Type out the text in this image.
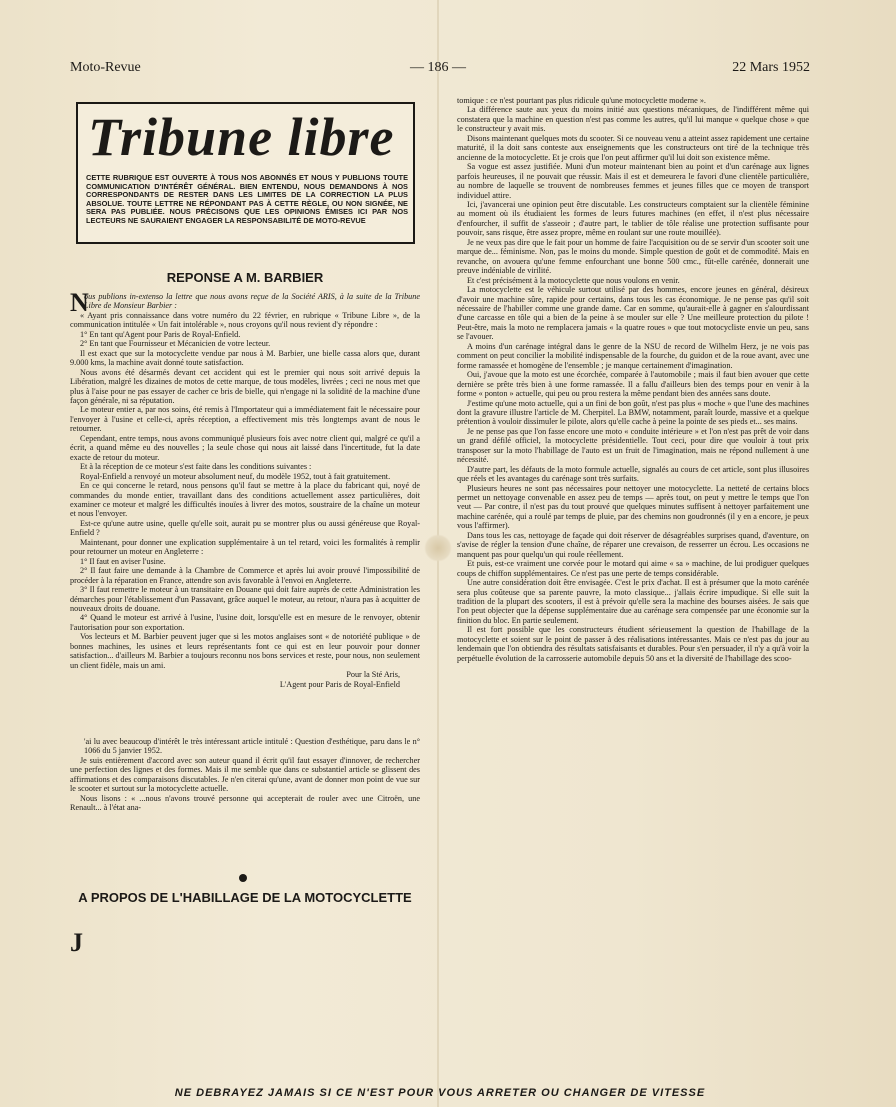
Moto-Revue	— 186 —	22 Mars 1952
Tribune libre

CETTE RUBRIQUE EST OUVERTE À TOUS NOS ABONNÉS ET NOUS Y PUBLIONS TOUTE COMMUNICATION D'INTÉRÊT GÉNÉRAL. BIEN ENTENDU, NOUS DEMANDONS À NOS CORRESPONDANTS DE RESTER DANS LES LIMITES DE LA CORRECTION LA PLUS ABSOLUE. TOUTE LETTRE NE RÉPONDANT PAS À CETTE RÈGLE, OU NON SIGNÉE, NE SERA PAS PUBLIÉE. NOUS PRÉCISONS QUE LES OPINIONS ÉMISES ICI PAR NOS LECTEURS NE SAURAIENT ENGAGER LA RESPONSABILITÉ DE MOTO-REVUE

REPONSE A M. BARBIER

ous publions in-extenso la lettre que nous avons reçue de la Société ARIS, à la suite de la Tribune Libre de Monsieur Barbier :

« Ayant pris connaissance dans votre numéro du 22 février, en rubrique « Tribune Libre », de la communication intitulée « Un fait intolérable », nous croyons qu'il nous revient d'y répondre :

1° En tant qu'Agent pour Paris de Royal-Enfield.

2° En tant que Fournisseur et Mécanicien de votre lecteur.

Il est exact que sur la motocyclette vendue par nous à M. Barbier, une bielle cassa alors que, durant 9.000 kms, la machine avait donné toute satisfaction.

Nous avons été désarmés devant cet accident qui est le premier qui nous soit arrivé depuis la Libération, malgré les dizaines de motos de cette marque, de tous modèles, livrées ; ceci ne nous met que plus à l'aise pour ne pas essayer de cacher ce bris de bielle, qui n'engage ni la solidité de la machine d'une façon générale, ni sa réputation.

Le moteur entier a, par nos soins, été remis à l'Importateur qui a immédiatement fait le nécessaire pour l'envoyer à l'usine et celle-ci, après réception, a effectivement mis très longtemps avant de nous le retourner.

Cependant, entre temps, nous avons communiqué plusieurs fois avec notre client qui, malgré ce qu'il a écrit, a quand même eu des nouvelles ; la seule chose qui nous ait laissé dans l'incertitude, fut la date exacte de retour du moteur.

Et à la réception de ce moteur s'est faite dans les conditions suivantes :

Royal-Enfield a renvoyé un moteur absolument neuf, du modèle 1952, tout à fait gratuitement.

En ce qui concerne le retard, nous pensons qu'il faut se mettre à la place du fabricant qui, noyé de commandes du monde entier, travaillant dans des conditions actuellement assez particulières, doit examiner ce moteur et malgré les difficultés inouïes à livrer des motos, soustraire de la chaîne un moteur et nous l'envoyer.

Est-ce qu'une autre usine, quelle qu'elle soit, aurait pu se montrer plus ou aussi généreuse que Royal-Enfield ?

Maintenant, pour donner une explication supplémentaire à un tel retard, voici les formalités à remplir pour retourner un moteur en Angleterre :

1° Il faut en aviser l'usine.

2° Il faut faire une demande à la Chambre de Commerce et après lui avoir prouvé l'impossibilité de procéder à la réparation en France, attendre son avis favorable à l'envoi en Angleterre.

3° Il faut remettre le moteur à un transitaire en Douane qui doit faire auprès de cette Administration les démarches pour l'établissement d'un Passavant, grâce auquel le moteur, au retour, n'aura pas à acquitter de nouveaux droits de douane.

4° Quand le moteur est arrivé à l'usine, l'usine doit, lorsqu'elle est en mesure de le renvoyer, obtenir l'autorisation pour son exportation.

Vos lecteurs et M. Barbier peuvent juger que si les motos anglaises sont « de notoriété publique » de bonnes machines, les usines et leurs représentants font ce qui est en leur pouvoir pour donner satisfaction... d'ailleurs M. Barbier a toujours reconnu nos bons services et reste, pour nous, non seulement un client fidèle, mais un ami.

Pour la Sté Aris,

L'Agent pour Paris de Royal-Enfield

'ai lu avec beaucoup d'intérêt le très intéressant article intitulé : Question d'esthétique, paru dans le n° 1066 du 5 janvier 1952.

Je suis entièrement d'accord avec son auteur quand il écrit qu'il faut essayer d'innover, de rechercher une perfection des lignes et des formes. Mais il me semble que dans ce substantiel article se glissent des affirmations et des comparaisons discutables. Je n'en citerai qu'une, avant de donner mon point de vue sur le scooter et surtout sur la motocyclette actuelle.

Nous lisons : « ...nous n'avons trouvé personne qui accepterait de rouler avec une Citroën, une Renault... à l'état ana-

N
A PROPOS DE L'HABILLAGE DE LA MOTOCYCLETTE
J

tomique : ce n'est pourtant pas plus ridicule qu'une motocyclette moderne ».

La différence saute aux yeux du moins initié aux questions mécaniques, de l'indifférent même qui constatera que la machine en question n'est pas comme les autres, qu'il lui manque « quelque chose » que le constructeur y avait mis.

Disons maintenant quelques mots du scooter. Si ce nouveau venu a atteint assez rapidement une certaine maturité, il la doit sans conteste aux enseignements que les constructeurs ont tiré de la technique très ancienne de la motocyclette. Et je crois que l'on peut affirmer qu'il lui doit son existence même.

Sa vogue est assez justifiée. Muni d'un moteur maintenant bien au point et d'un carénage aux lignes parfois heureuses, il ne pouvait que réussir. Mais il est et demeurera le favori d'une clientèle particulière, au nombre de laquelle se trouvent de nombreuses femmes et jeunes filles que ce moyen de transport individuel attire.

Ici, j'avancerai une opinion peut être discutable. Les constructeurs comptaient sur la clientèle féminine au moment où ils étudiaient les formes de leurs futures machines (en effet, il n'est plus nécessaire d'enfourcher, il suffit de s'asseoir ; d'autre part, le tablier de tôle réalise une protection suffisante pour pouvoir, sans risque, être assez propre, même en roulant sur une route mouillée).

Je ne veux pas dire que le fait pour un homme de faire l'acquisition ou de se servir d'un scooter soit une marque de... féminisme. Non, pas le moins du monde. Simple question de goût et de commodité. Mais en revanche, on avouera qu'une femme enfourchant une bonne 500 cmc., fût-elle carénée, donnerait une preuve indéniable de virilité.

Et c'est précisément à la motocyclette que nous voulons en venir.

La motocyclette est le véhicule surtout utilisé par des hommes, encore jeunes en général, désireux d'avoir une machine sûre, rapide pour certains, dans tous les cas économique. Je ne pense pas qu'il soit nécessaire de l'habiller comme une grande dame. Car en somme, qu'aurait-elle à gagner en s'alourdissant d'une carcasse en tôle qui a bien de la peine à se mouler sur elle ? Une meilleure protection du pilote ! Peut-être, mais la moto ne remplacera jamais « la quatre roues » que tout motocycliste envie un peu, sans se l'avouer.

A moins d'un carénage intégral dans le genre de la NSU de record de Wilhelm Herz, je ne vois pas comment on peut concilier la mobilité indispensable de la fourche, du guidon et de la roue avant, avec une forme ramassée et homogène de l'ensemble ; je manque certainement d'imagination.

Oui, j'avoue que la moto est une écorchée, comparée à l'automobile ; mais il faut bien avouer que cette dernière se prête très bien à une forme ramassée. Il a fallu d'ailleurs bien des temps pour en venir à la forme « ponton » actuelle, qui peu ou prou restera la même pendant bien des années sans doute.

J'estime qu'une moto actuelle, qui a un fini de bon goût, n'est pas plus « moche » que l'une des machines dont la gravure illustre l'article de M. Cherpitel. La BMW, notamment, paraît lourde, massive et a quelque prétention à vouloir dissimuler le pilote, alors qu'elle cache à peine la pointe de ses pieds et... ses mains.

Je ne pense pas que l'on fasse encore une moto « conduite intérieure » et l'on n'est pas prêt de voir dans un grand défilé officiel, la motocyclette présidentielle. Tout ceci, pour dire que vouloir à tout prix transposer sur la moto l'habillage de l'auto est un fruit de l'imagination, mais ne répond nullement à une nécessité.

D'autre part, les défauts de la moto formule actuelle, signalés au cours de cet article, sont plus illusoires que réels et les avantages du carénage sont très surfaits.

Plusieurs heures ne sont pas nécessaires pour nettoyer une motocyclette. La netteté de certains blocs permet un nettoyage convenable en assez peu de temps — après tout, on peut y mettre le temps que l'on veut — Par contre, il n'est pas du tout prouvé que quelques minutes suffisent à nettoyer parfaitement une machine carénée, qui a roulé par temps de pluie, par des chemins non goudronnés (il y en a encore, je peux vous l'affirmer).

Dans tous les cas, nettoyage de façade qui doit réserver de désagréables surprises quand, d'aventure, on s'avise de régler la tension d'une chaîne, de réparer une crevaison, de resserrer un écrou. Les occasions ne manquent pas pour quelqu'un qui roule réellement.

Et puis, est-ce vraiment une corvée pour le motard qui aime « sa » machine, de lui prodiguer quelques coups de chiffon supplémentaires. Ce n'est pas une perte de temps considérable.

Une autre considération doit être envisagée. C'est le prix d'achat. Il est à présumer que la moto carénée sera plus coûteuse que sa parente pauvre, la moto classique... j'allais écrire impudique. Si elle suit la tradition de la plupart des scooters, il est à prévoir qu'elle sera la machine des bourses aisées. Je sais que l'on peut objecter que la dépense supplémentaire due au carénage sera compensée par une économie sur la finition du bloc. En partie seulement.

Il est fort possible que les constructeurs étudient sérieusement la question de l'habillage de la motocyclette et soient sur le point de passer à des réalisations intéressantes. Mais ce n'est pas du jour au lendemain que l'on obtiendra des résultats satisfaisants et durables. Pour s'en persuader, il n'y a qu'à voir la perpétuelle évolution de la carrosserie automobile depuis 50 ans et la diversité de l'habillage des scoo-

NE DEBRAYEZ JAMAIS SI CE N'EST POUR VOUS ARRETER OU CHANGER DE VITESSE
